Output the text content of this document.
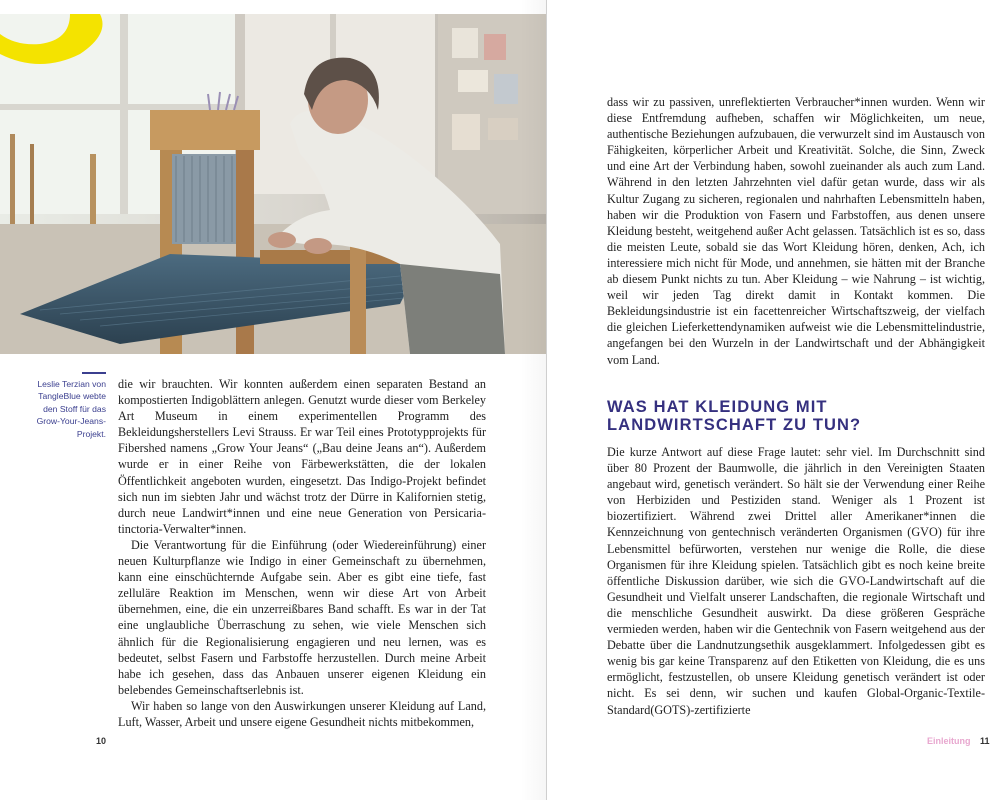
Leslie Terzian von TangleBlue webte den Stoff für das Grow-Your-Jeans-Projekt.

die wir brauchten. Wir konnten außerdem einen separaten Bestand an kompostierten Indigoblättern anlegen. Genutzt wurde dieser vom Berkeley Art Museum in einem experimentellen Programm des Bekleidungsherstellers Levi Strauss. Er war Teil eines Prototypprojekts für Fibershed namens „Grow Your Jeans“ („Bau deine Jeans an“). Außerdem wurde er in einer Reihe von Färbewerkstätten, die der lokalen Öffentlichkeit angeboten wurden, eingesetzt. Das Indigo-Projekt befindet sich nun im siebten Jahr und wächst trotz der Dürre in Kalifornien stetig, durch neue Landwirt*innen und eine neue Generation von Persicaria-tinctoria-Verwalter*innen.

Die Verantwortung für die Einführung (oder Wiedereinführung) einer neuen Kulturpflanze wie Indigo in einer Gemeinschaft zu übernehmen, kann eine einschüchternde Aufgabe sein. Aber es gibt eine tiefe, fast zelluläre Reaktion im Menschen, wenn wir diese Art von Arbeit übernehmen, eine, die ein unzerreißbares Band schafft. Es war in der Tat eine unglaubliche Überraschung zu sehen, wie viele Menschen sich ähnlich für die Regionalisierung engagieren und neu lernen, was es bedeutet, selbst Fasern und Farbstoffe herzustellen. Durch meine Arbeit habe ich gesehen, dass das Anbauen unserer eigenen Kleidung ein belebendes Gemeinschaftserlebnis ist.

Wir haben so lange von den Auswirkungen unserer Kleidung auf Land, Luft, Wasser, Arbeit und unsere eigene Gesundheit nichts mitbekommen,

10

dass wir zu passiven, unreflektierten Verbraucher*innen wurden. Wenn wir diese Entfremdung aufheben, schaffen wir Möglichkeiten, um neue, authentische Beziehungen aufzubauen, die verwurzelt sind im Austausch von Fähigkeiten, körperlicher Arbeit und Kreativität. Solche, die Sinn, Zweck und eine Art der Verbindung haben, sowohl zueinander als auch zum Land. Während in den letzten Jahrzehnten viel dafür getan wurde, dass wir als Kultur Zugang zu sicheren, regionalen und nahrhaften Lebensmitteln haben, haben wir die Produktion von Fasern und Farbstoffen, aus denen unsere Kleidung besteht, weitgehend außer Acht gelassen. Tatsächlich ist es so, dass die meisten Leute, sobald sie das Wort Kleidung hören, denken, Ach, ich interessiere mich nicht für Mode, und annehmen, sie hätten mit der Branche ab diesem Punkt nichts zu tun. Aber Kleidung – wie Nahrung – ist wichtig, weil wir jeden Tag direkt damit in Kontakt kommen. Die Bekleidungsindustrie ist ein facettenreicher Wirtschaftszweig, der vielfach die gleichen Lieferkettendynamiken aufweist wie die Lebensmittelindustrie, angefangen bei den Wurzeln in der Landwirtschaft und der Abhängigkeit vom Land.

WAS HAT KLEIDUNG MIT LANDWIRTSCHAFT ZU TUN?

Die kurze Antwort auf diese Frage lautet: sehr viel. Im Durchschnitt sind über 80 Prozent der Baumwolle, die jährlich in den Vereinigten Staaten angebaut wird, genetisch verändert. So hält sie der Verwendung einer Reihe von Herbiziden und Pestiziden stand. Weniger als 1 Prozent ist biozertifiziert. Während zwei Drittel aller Amerikaner*innen die Kennzeichnung von gentechnisch veränderten Organismen (GVO) für ihre Lebensmittel befürworten, verstehen nur wenige die Rolle, die diese Organismen für ihre Kleidung spielen. Tatsächlich gibt es noch keine breite öffentliche Diskussion darüber, wie sich die GVO-Landwirtschaft auf die Gesundheit und Vielfalt unserer Landschaften, die regionale Wirtschaft und die menschliche Gesundheit auswirkt. Da diese größeren Gespräche vermieden werden, haben wir die Gentechnik von Fasern weitgehend aus der Debatte über die Landnutzungsethik ausgeklammert. Infolgedessen gibt es wenig bis gar keine Transparenz auf den Etiketten von Kleidung, die es uns ermöglicht, festzustellen, ob unsere Kleidung genetisch verändert ist oder nicht. Es sei denn, wir suchen und kaufen Global-Organic-Textile-Standard(GOTS)-zertifizierte

Einleitung 11
